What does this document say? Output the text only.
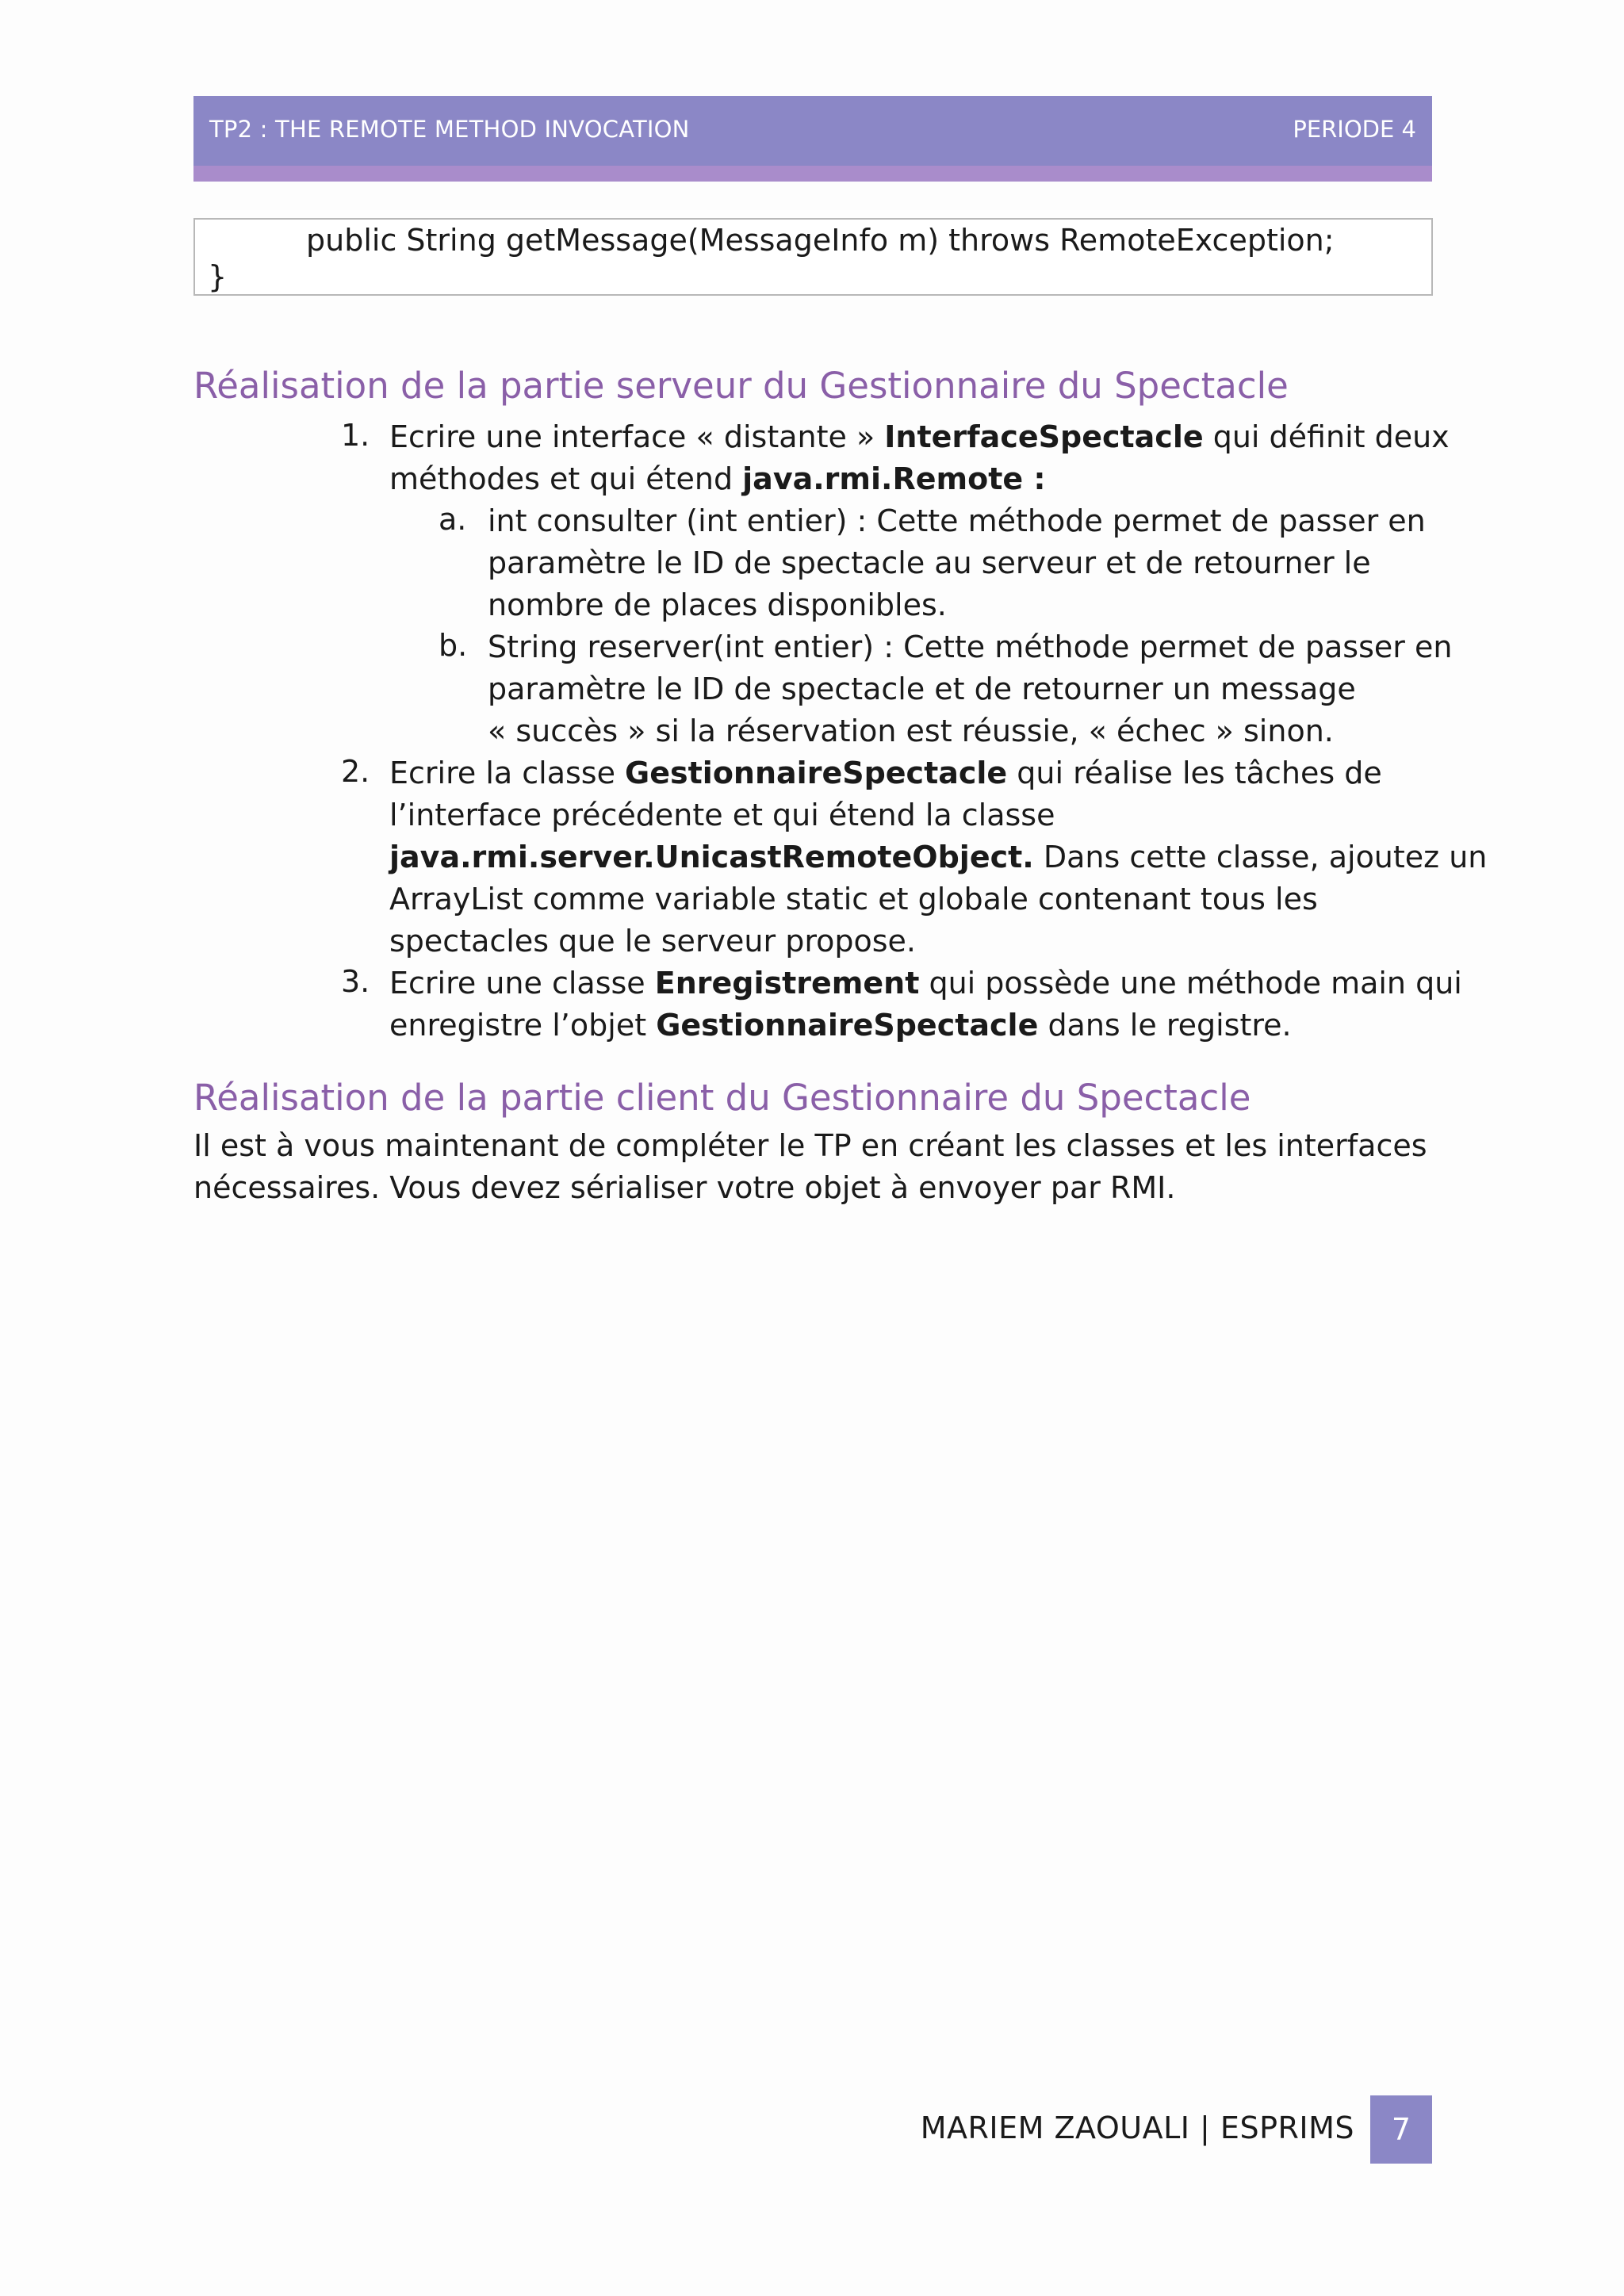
TP2 : THE REMOTE METHOD INVOCATION	PERIODE 4
public String getMessage(MessageInfo m) throws RemoteException;
}
Réalisation de la partie serveur du Gestionnaire du Spectacle
1. Ecrire une interface « distante » InterfaceSpectacle qui définit deux
méthodes et qui étend java.rmi.Remote :
a. int consulter (int entier) : Cette méthode permet de passer en
paramètre le ID de spectacle au serveur et de retourner le
nombre de places disponibles.
b. String reserver(int entier) : Cette méthode permet de passer en
paramètre le ID de spectacle et de retourner un message
« succès » si la réservation est réussie, « échec » sinon.
2. Ecrire la classe GestionnaireSpectacle qui réalise les tâches de
l’interface précédente et qui étend la classe
java.rmi.server.UnicastRemoteObject. Dans cette classe, ajoutez un
ArrayList comme variable static et globale contenant tous les
spectacles que le serveur propose.
3. Ecrire une classe Enregistrement qui possède une méthode main qui
enregistre l’objet GestionnaireSpectacle dans le registre.
Réalisation de la partie client du Gestionnaire du Spectacle
Il est à vous maintenant de compléter le TP en créant les classes et les interfaces
nécessaires. Vous devez sérialiser votre objet à envoyer par RMI.
MARIEM ZAOUALI | ESPRIMS	7
